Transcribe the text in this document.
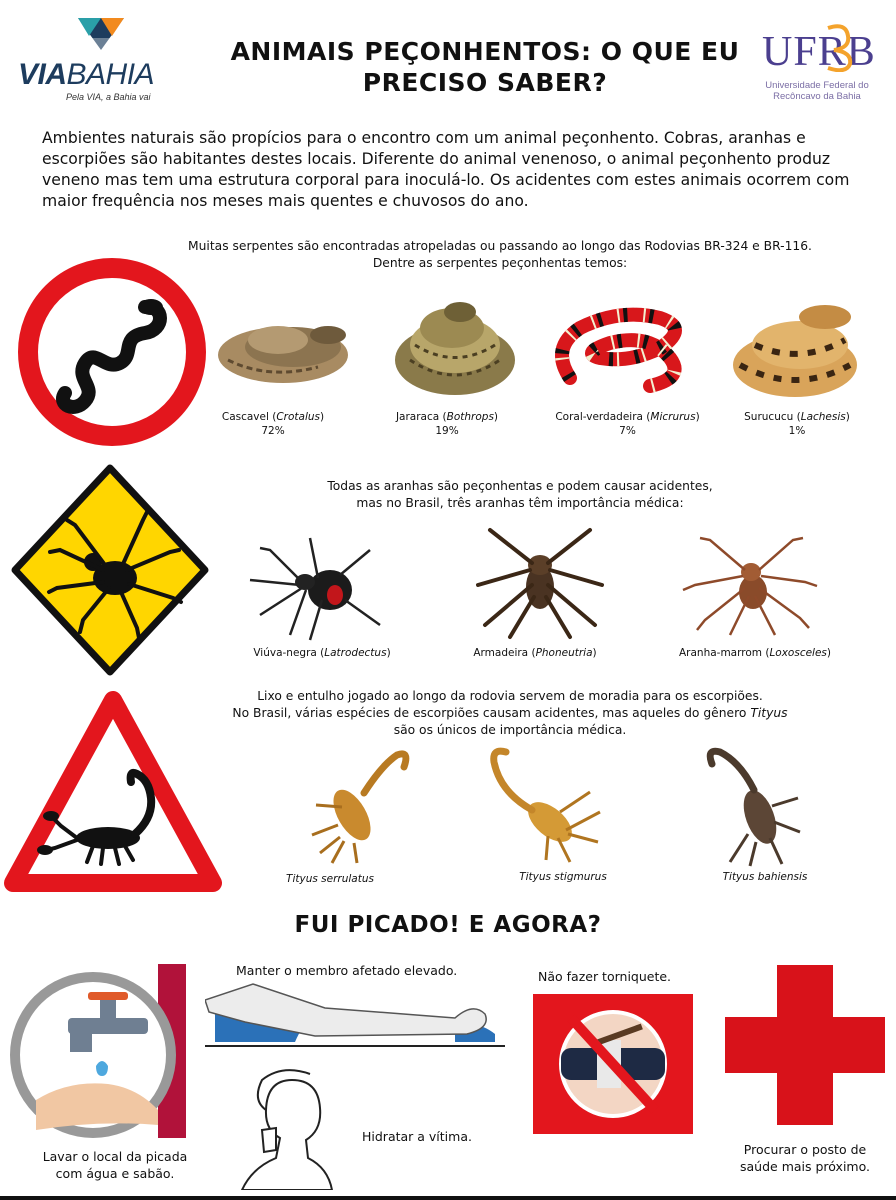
VIABAHIA
Pela VIA, a Bahia vai
ANIMAIS PEÇONHENTOS: O QUE EU PRECISO SABER?
UFRB
Universidade Federal do Recôncavo da Bahia
Ambientes naturais são propícios para o encontro com um animal peçonhento. Cobras, aranhas e escorpiões são habitantes destes locais. Diferente do animal venenoso, o animal peçonhento produz veneno mas tem uma estrutura corporal para inoculá-lo. Os acidentes com estes animais ocorrem com maior frequência nos meses mais quentes e chuvosos do ano.
Muitas serpentes são encontradas atropeladas ou passando ao longo das Rodovias BR-324 e BR-116.
Dentre as serpentes peçonhentas temos:
Cascavel (Crotalus)
72%
Jararaca (Bothrops)
19%
Coral-verdadeira (Micrurus)
7%
Surucucu (Lachesis)
1%
Todas as aranhas são peçonhentas e podem causar acidentes,
mas no Brasil, três aranhas têm importância médica:
Viúva-negra (Latrodectus)	Armadeira (Phoneutria)	Aranha-marrom (Loxosceles)
Lixo e entulho jogado ao longo da rodovia servem de moradia para os escorpiões.
No Brasil, várias espécies de escorpiões causam acidentes, mas aqueles do gênero Tityus
são os únicos de importância médica.
Tityus serrulatus	Tityus stigmurus	Tityus bahiensis
FUI PICADO! E AGORA?
Lavar o local da picada
com água e sabão.
Manter o membro afetado elevado.
Hidratar a vítima.
Não fazer torniquete.
Procurar o posto de
saúde mais próximo.
